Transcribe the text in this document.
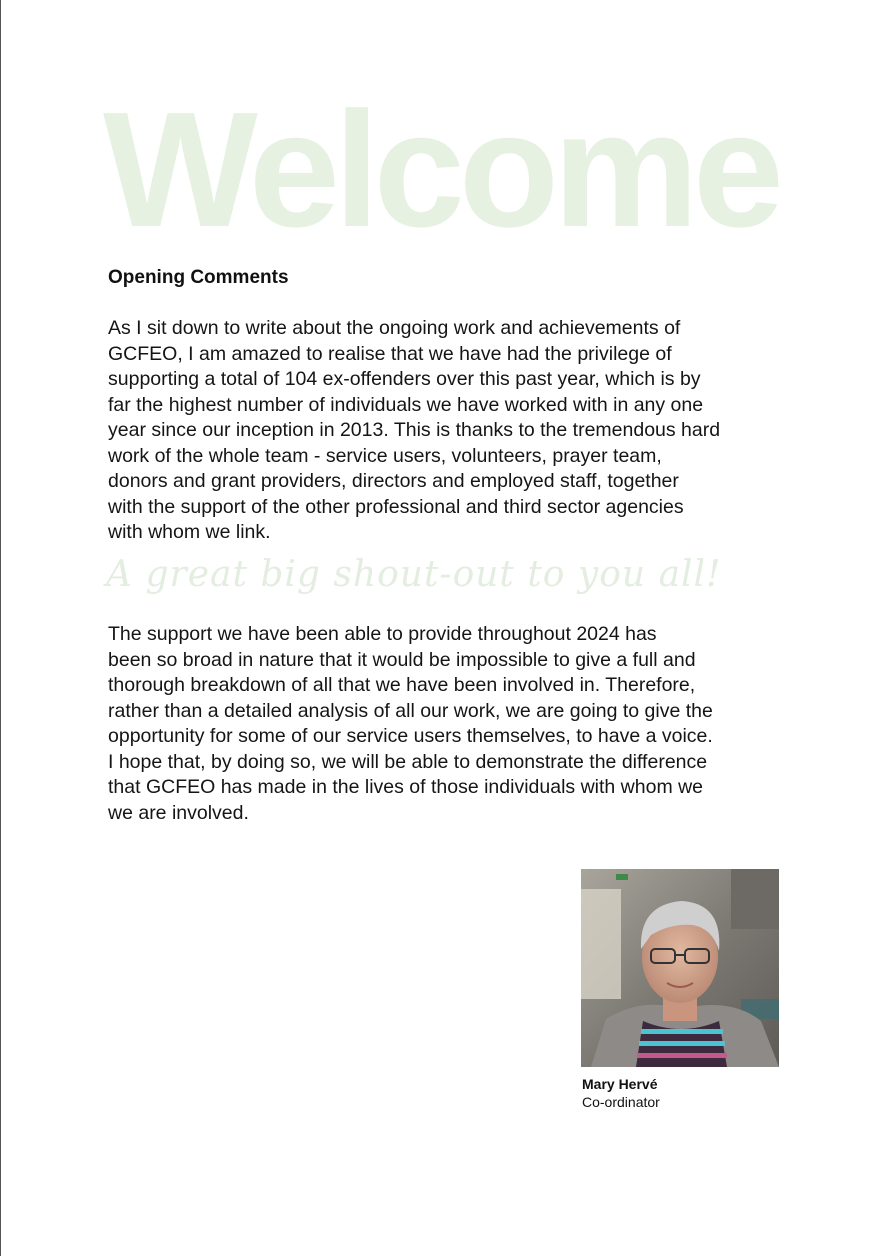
Welcome
Opening Comments
As I sit down to write about the ongoing work and achievements of
GCFEO, I am amazed to realise that we have had the privilege of
supporting a total of 104 ex-offenders over this past year, which is by
far the highest number of individuals we have worked with in any one
year since our inception in 2013. This is thanks to the tremendous hard
work of the whole team - service users, volunteers, prayer team,
donors and grant providers, directors and employed staff, together
with the support of the other professional and third sector agencies
with whom we link.
A great big shout-out to you all!
The support we have been able to provide throughout 2024 has
been so broad in nature that it would be impossible to give a full and
thorough breakdown of all that we have been involved in. Therefore,
rather than a detailed analysis of all our work, we are going to give the
opportunity for some of our service users themselves, to have a voice.
I hope that, by doing so, we will be able to demonstrate the difference
that GCFEO has made in the lives of those individuals with whom we
we are involved.
Mary Hervé
Co-ordinator
